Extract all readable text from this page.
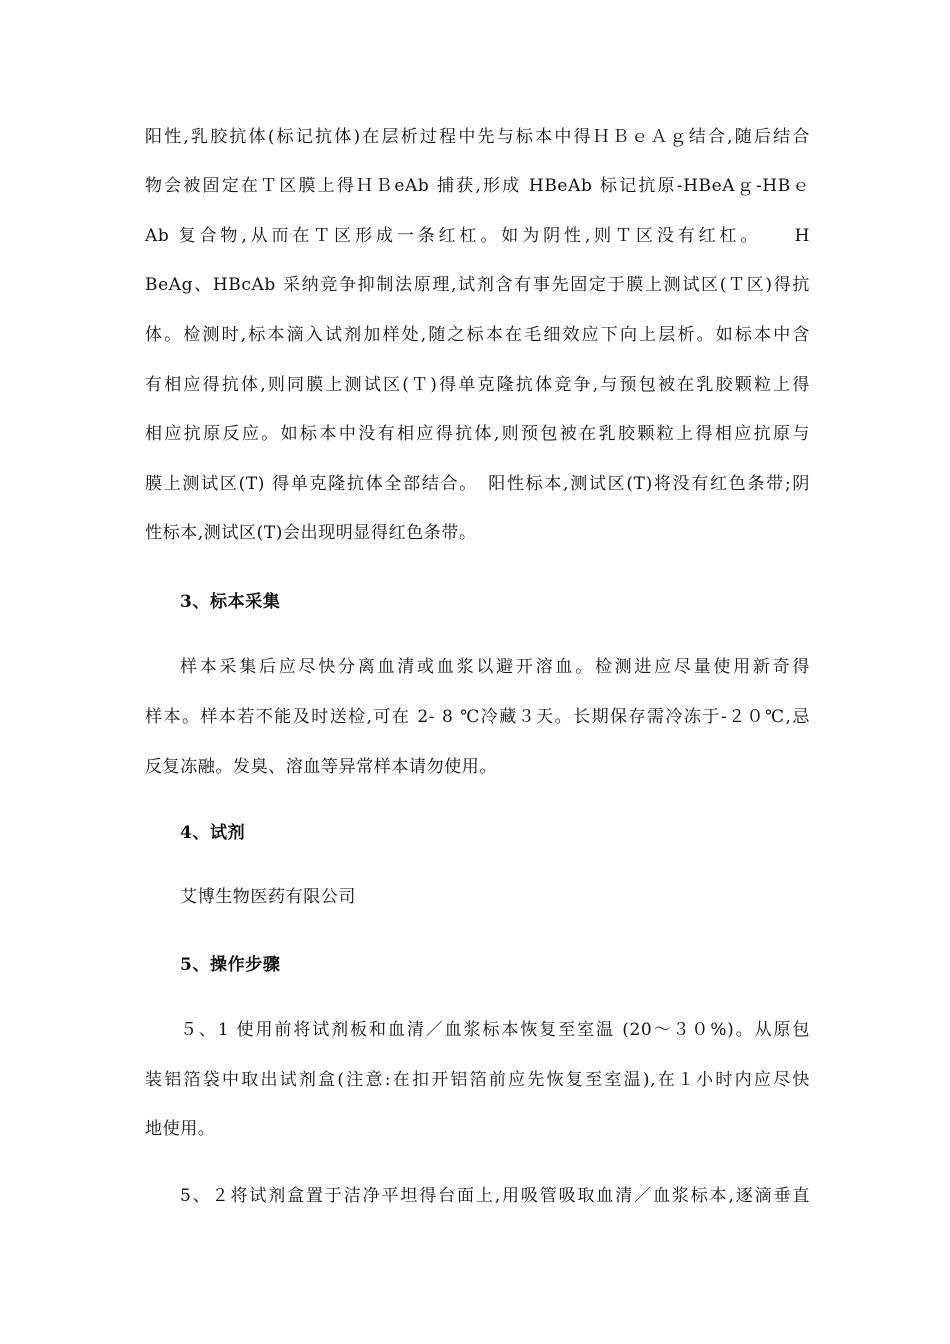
阳性,乳胶抗体(标记抗体)在层析过程中先与标本中得ＨＢｅＡｇ结合,随后结合
物会被固定在Ｔ区膜上得ＨＢeAb 捕获,形成 HBeAb 标记抗原-HBeAｇ-HBｅ
Ab 复合物,从而在Ｔ区形成一条红杠。如为阴性,则Ｔ区没有红杠。　　H
BeAg、HBcAb 采纳竞争抑制法原理,试剂含有事先固定于膜上测试区(Ｔ区)得抗
体。检测时,标本滴入试剂加样处,随之标本在毛细效应下向上层析。如标本中含
有相应得抗体,则同膜上测试区(Ｔ)得单克隆抗体竞争,与预包被在乳胶颗粒上得
相应抗原反应。如标本中没有相应得抗体,则预包被在乳胶颗粒上得相应抗原与
膜上测试区(T) 得单克隆抗体全部结合。　阳性标本,测试区(T)将没有红色条带;阴
性标本,测试区(T)会出现明显得红色条带。
3、标本采集
样本采集后应尽快分离血清或血浆以避开溶血。检测进应尽量使用新奇得
样本。样本若不能及时送检,可在 2- 8 ℃冷藏３天。长期保存需冷冻于-２０℃,忌
反复冻融。发臭、溶血等异常样本请勿使用。
4、试剂
艾博生物医药有限公司
5、操作步骤
５、1 使用前将试剂板和血清／血浆标本恢复至室温 (20～３０%)。从原包
装铝箔袋中取出试剂盒(注意:在扣开铝箔前应先恢复至室温),在１小时内应尽快
地使用。
5、２将试剂盒置于洁净平坦得台面上,用吸管吸取血清／血浆标本,逐滴垂直
